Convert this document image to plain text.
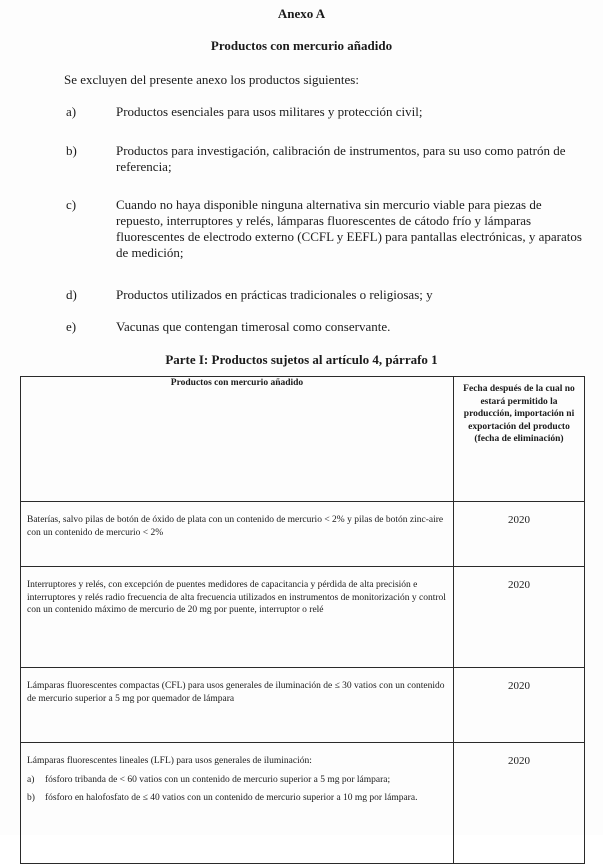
Anexo A
Productos con mercurio añadido
Se excluyen del presente anexo los productos siguientes:
a)	Productos esenciales para usos militares y protección civil;
b)	Productos para investigación, calibración de instrumentos, para su uso como patrón de referencia;
c)	Cuando no haya disponible ninguna alternativa sin mercurio viable para piezas de repuesto, interruptores y relés, lámparas fluorescentes de cátodo frío y lámparas fluorescentes de electrodo externo (CCFL y EEFL) para pantallas electrónicas, y aparatos de medición;
d)	Productos utilizados en prácticas tradicionales o religiosas; y
e)	Vacunas que contengan timerosal como conservante.
Parte I: Productos sujetos al artículo 4, párrafo 1
Productos con mercurio añadido	Fecha después de la cual no estará permitido la producción, importación ni exportación del producto (fecha de eliminación)
Baterías, salvo pilas de botón de óxido de plata con un contenido de mercurio < 2% y pilas de botón zinc-aire con un contenido de mercurio < 2%	2020
Interruptores y relés, con excepción de puentes medidores de capacitancia y pérdida de alta precisión e interruptores y relés radio frecuencia de alta frecuencia utilizados en instrumentos de monitorización y control con un contenido máximo de mercurio de 20 mg por puente, interruptor o relé	2020
Lámparas fluorescentes compactas (CFL) para usos generales de iluminación de ≤ 30 vatios con un contenido de mercurio superior a 5 mg por quemador de lámpara	2020

Lámparas fluorescentes lineales (LFL) para usos generales de iluminación:
a) fósforo tribanda de < 60 vatios con un contenido de mercurio superior a 5 mg por lámpara;
b) fósforo en halofosfato de ≤ 40 vatios con un contenido de mercurio superior a 10 mg por lámpara.	2020
